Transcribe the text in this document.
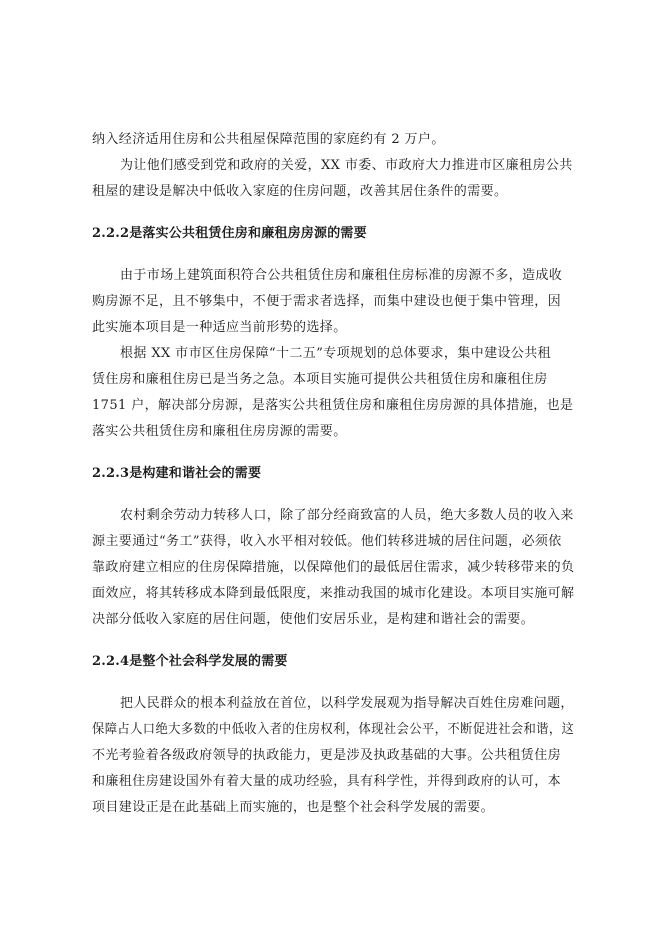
纳入经济适用住房和公共租屋保障范围的家庭约有 2 万户。
为让他们感受到党和政府的关爱，XX 市委、市政府大力推进市区廉租房公共
租屋的建设是解决中低收入家庭的住房问题，改善其居住条件的需要。
2.2.2是落实公共租赁住房和廉租房房源的需要
由于市场上建筑面积符合公共租赁住房和廉租住房标准的房源不多，造成收
购房源不足，且不够集中，不便于需求者选择，而集中建设也便于集中管理，因
此实施本项目是一种适应当前形势的选择。
根据 XX 市市区住房保障“十二五”专项规划的总体要求，集中建设公共租
赁住房和廉租住房已是当务之急。本项目实施可提供公共租赁住房和廉租住房
1751 户，解决部分房源，是落实公共租赁住房和廉租住房房源的具体措施，也是
落实公共租赁住房和廉租住房房源的需要。
2.2.3是构建和谐社会的需要
农村剩余劳动力转移人口，除了部分经商致富的人员，绝大多数人员的收入来
源主要通过“务工”获得，收入水平相对较低。他们转移进城的居住问题，必须依
靠政府建立相应的住房保障措施，以保障他们的最低居住需求，减少转移带来的负
面效应，将其转移成本降到最低限度，来推动我国的城市化建设。本项目实施可解
决部分低收入家庭的居住问题，使他们安居乐业，是构建和谐社会的需要。
2.2.4是整个社会科学发展的需要
把人民群众的根本利益放在首位，以科学发展观为指导解决百姓住房难问题，
保障占人口绝大多数的中低收入者的住房权利，体现社会公平，不断促进社会和谐，这
不光考验着各级政府领导的执政能力，更是涉及执政基础的大事。公共租赁住房
和廉租住房建设国外有着大量的成功经验，具有科学性，并得到政府的认可，本
项目建设正是在此基础上而实施的，也是整个社会科学发展的需要。
